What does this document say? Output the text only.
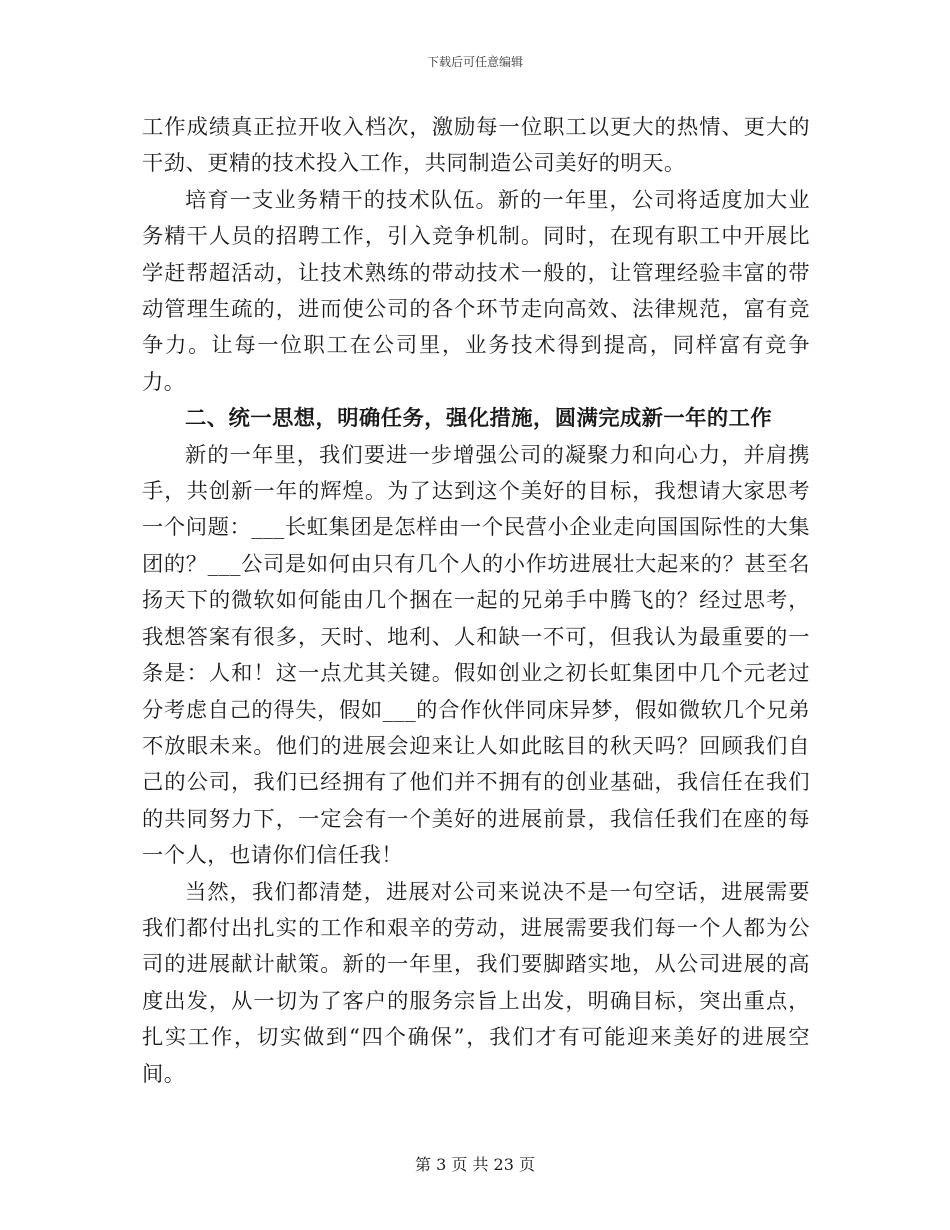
下载后可任意编辑

工作成绩真正拉开收入档次，激励每一位职工以更大的热情、更大的干劲、更精的技术投入工作，共同制造公司美好的明天。

培育一支业务精干的技术队伍。新的一年里，公司将适度加大业务精干人员的招聘工作，引入竞争机制。同时，在现有职工中开展比学赶帮超活动，让技术熟练的带动技术一般的，让管理经验丰富的带动管理生疏的，进而使公司的各个环节走向高效、法律规范，富有竞争力。让每一位职工在公司里，业务技术得到提高，同样富有竞争力。

二、统一思想，明确任务，强化措施，圆满完成新一年的工作

新的一年里，我们要进一步增强公司的凝聚力和向心力，并肩携手，共创新一年的辉煌。为了达到这个美好的目标，我想请大家思考一个问题：___长虹集团是怎样由一个民营小企业走向国国际性的大集团的？___公司是如何由只有几个人的小作坊进展壮大起来的？甚至名扬天下的微软如何能由几个捆在一起的兄弟手中腾飞的？经过思考，我想答案有很多，天时、地利、人和缺一不可，但我认为最重要的一条是：人和！这一点尤其关键。假如创业之初长虹集团中几个元老过分考虑自己的得失，假如___的合作伙伴同床异梦，假如微软几个兄弟不放眼未来。他们的进展会迎来让人如此眩目的秋天吗？回顾我们自己的公司，我们已经拥有了他们并不拥有的创业基础，我信任在我们的共同努力下，一定会有一个美好的进展前景，我信任我们在座的每一个人，也请你们信任我！

当然，我们都清楚，进展对公司来说决不是一句空话，进展需要我们都付出扎实的工作和艰辛的劳动，进展需要我们每一个人都为公司的进展献计献策。新的一年里，我们要脚踏实地，从公司进展的高度出发，从一切为了客户的服务宗旨上出发，明确目标，突出重点，扎实工作，切实做到“四个确保”，我们才有可能迎来美好的进展空间。

第 3 页 共 23 页
